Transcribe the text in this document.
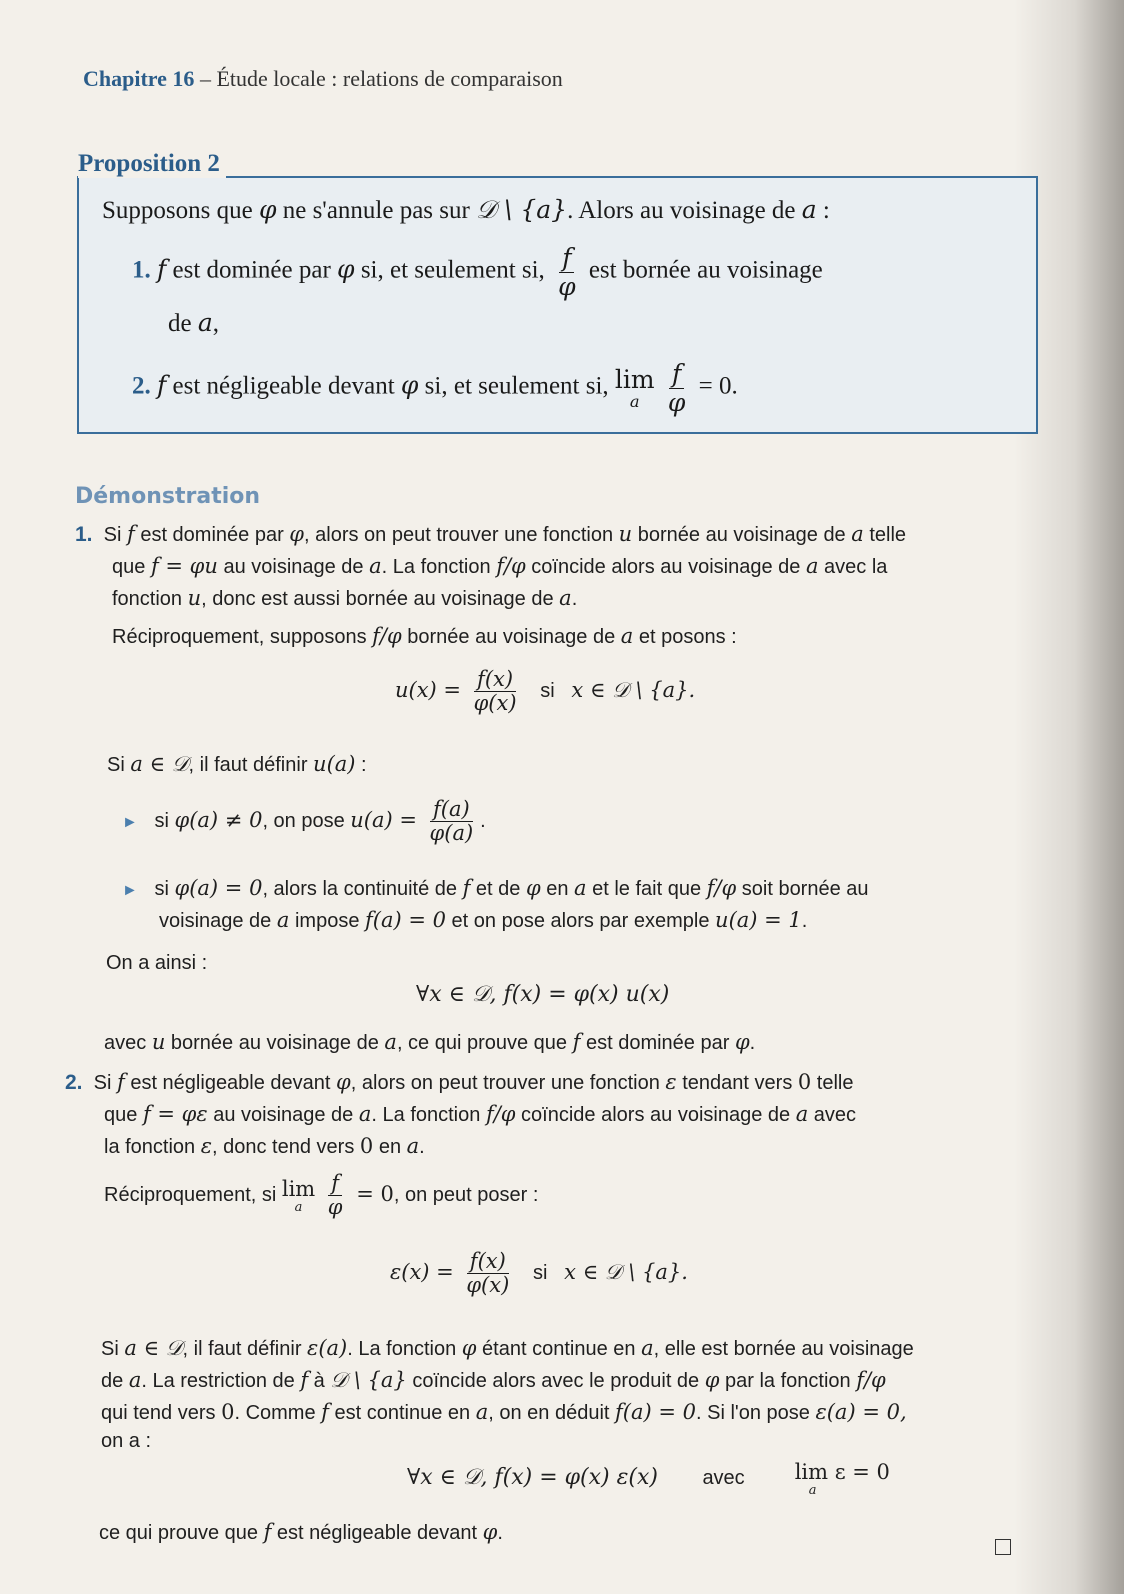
Chapitre 16 – Étude locale : relations de comparaison
Proposition 2
Supposons que φ ne s'annule pas sur 𝒟 \ {a}. Alors au voisinage de a :
1. f est dominée par φ si, et seulement si, $\frac{f}{\varphi}$ est bornée au voisinage
de a,
2. f est négligeable devant φ si, et seulement si, lim
a
$\frac{f}{\varphi} = 0$.
Démonstration
1. Si f est dominée par φ, alors on peut trouver une fonction u bornée au voisinage de a telle
que f = φu au voisinage de a. La fonction f/φ coïncide alors au voisinage de a avec la
fonction u, donc est aussi bornée au voisinage de a.
Réciproquement, supposons f/φ bornée au voisinage de a et posons :
$u(x) = \frac{f(x)}{\varphi(x)}$ si x ∈ 𝒟 \ {a}.
Si a ∈ 𝒟, il faut définir u(a) :
► si φ(a) ≠ 0, on pose $u(a) = \frac{f(a)}{\varphi(a)}$ .
► si φ(a) = 0, alors la continuité de f et de φ en a et le fait que f/φ soit bornée au
voisinage de a impose f(a) = 0 et on pose alors par exemple u(a) = 1.
On a ainsi :
∀x ∈ 𝒟, f(x) = φ(x) u(x)
avec u bornée au voisinage de a, ce qui prouve que f est dominée par φ.
2. Si f est négligeable devant φ, alors on peut trouver une fonction ε tendant vers 0 telle
que f = φε au voisinage de a. La fonction f/φ coïncide alors au voisinage de a avec
la fonction ε, donc tend vers 0 en a.
Réciproquement, si lim
a
$\frac{f}{\varphi} = 0$, on peut poser :
$\varepsilon(x) = \frac{f(x)}{\varphi(x)}$ si x ∈ 𝒟 \ {a}.
Si a ∈ 𝒟, il faut définir ε(a). La fonction φ étant continue en a, elle est bornée au voisinage
de a. La restriction de f à 𝒟 \ {a} coïncide alors avec le produit de φ par la fonction f/φ
qui tend vers 0. Comme f est continue en a, on en déduit f(a) = 0. Si l'on pose ε(a) = 0,
on a :
∀x ∈ 𝒟, f(x) = φ(x) ε(x) avec lim ε = 0
a
ce qui prouve que f est négligeable devant φ.
